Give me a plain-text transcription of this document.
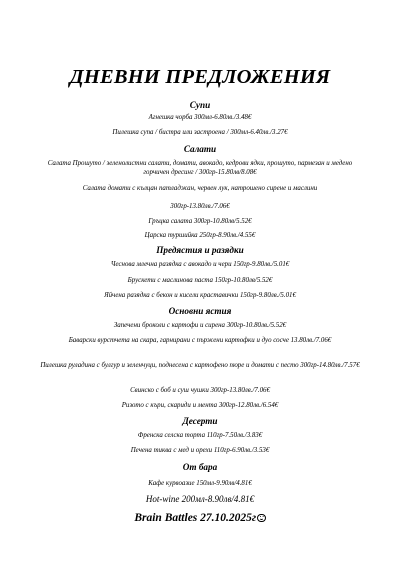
ДНЕВНИ ПРЕДЛОЖЕНИЯ
Супи
Агнешка чорба 300мл-6.80лв./3.48€
Пилешка супа / бистра или застроена / 300мл-6.40лв./3.27€
Салати
Салата Прошуто / зеленолистни салати, домати, авокадо, кедрови ядки, прошуто, пармезан и медено горчичен дресинг / 300гр-15.80лв/8.08€
Салата домати с кълцан патладжан, червен лук, натрошено сирене и маслини
300гр-13.80лв./7.06€
Гръцка салата 300гр-10.80лв/5.52€
Царска туршийка 250гр-8.90лв./4.55€
Предястия и разядки
Чеснова млечна разядка с авокадо и чери 150гр-9.80лв./5.01€
Брускети с маслинова паста 150гр-10.80лв/5.52€
Яйчена разядка с бекон и кисели краставички 150гр-9.80лв./5.01€
Основни ястия
Запечени броколи с картофи и сирена 300гр-10.80лв./5.52€
Баварски вурстчета на скара, гарнирани с пържени картофки и дуо сосче 13.80лв./7.06€
Пилешка руладина с булгур и зеленчуци, поднесена с картофено пюре и домати с песто 300гр-14.80лв./7.57€
Свинско с боб и суш чушки 300гр-13.80лв./7.06€
Ризото с къри, скариди и мента 300гр-12.80лв./6.54€
Десерти
Френска селска торта 110гр-7.50лв./3.83€
Печена тиква с мед и орехи 110гр-6.90лв./3.53€
От бара
Кафе курвоазие 150мл-9.90лв/4.81€
Hot-wine 200мл-8.90лв/4.81€
Brain Battles 27.10.2025г
